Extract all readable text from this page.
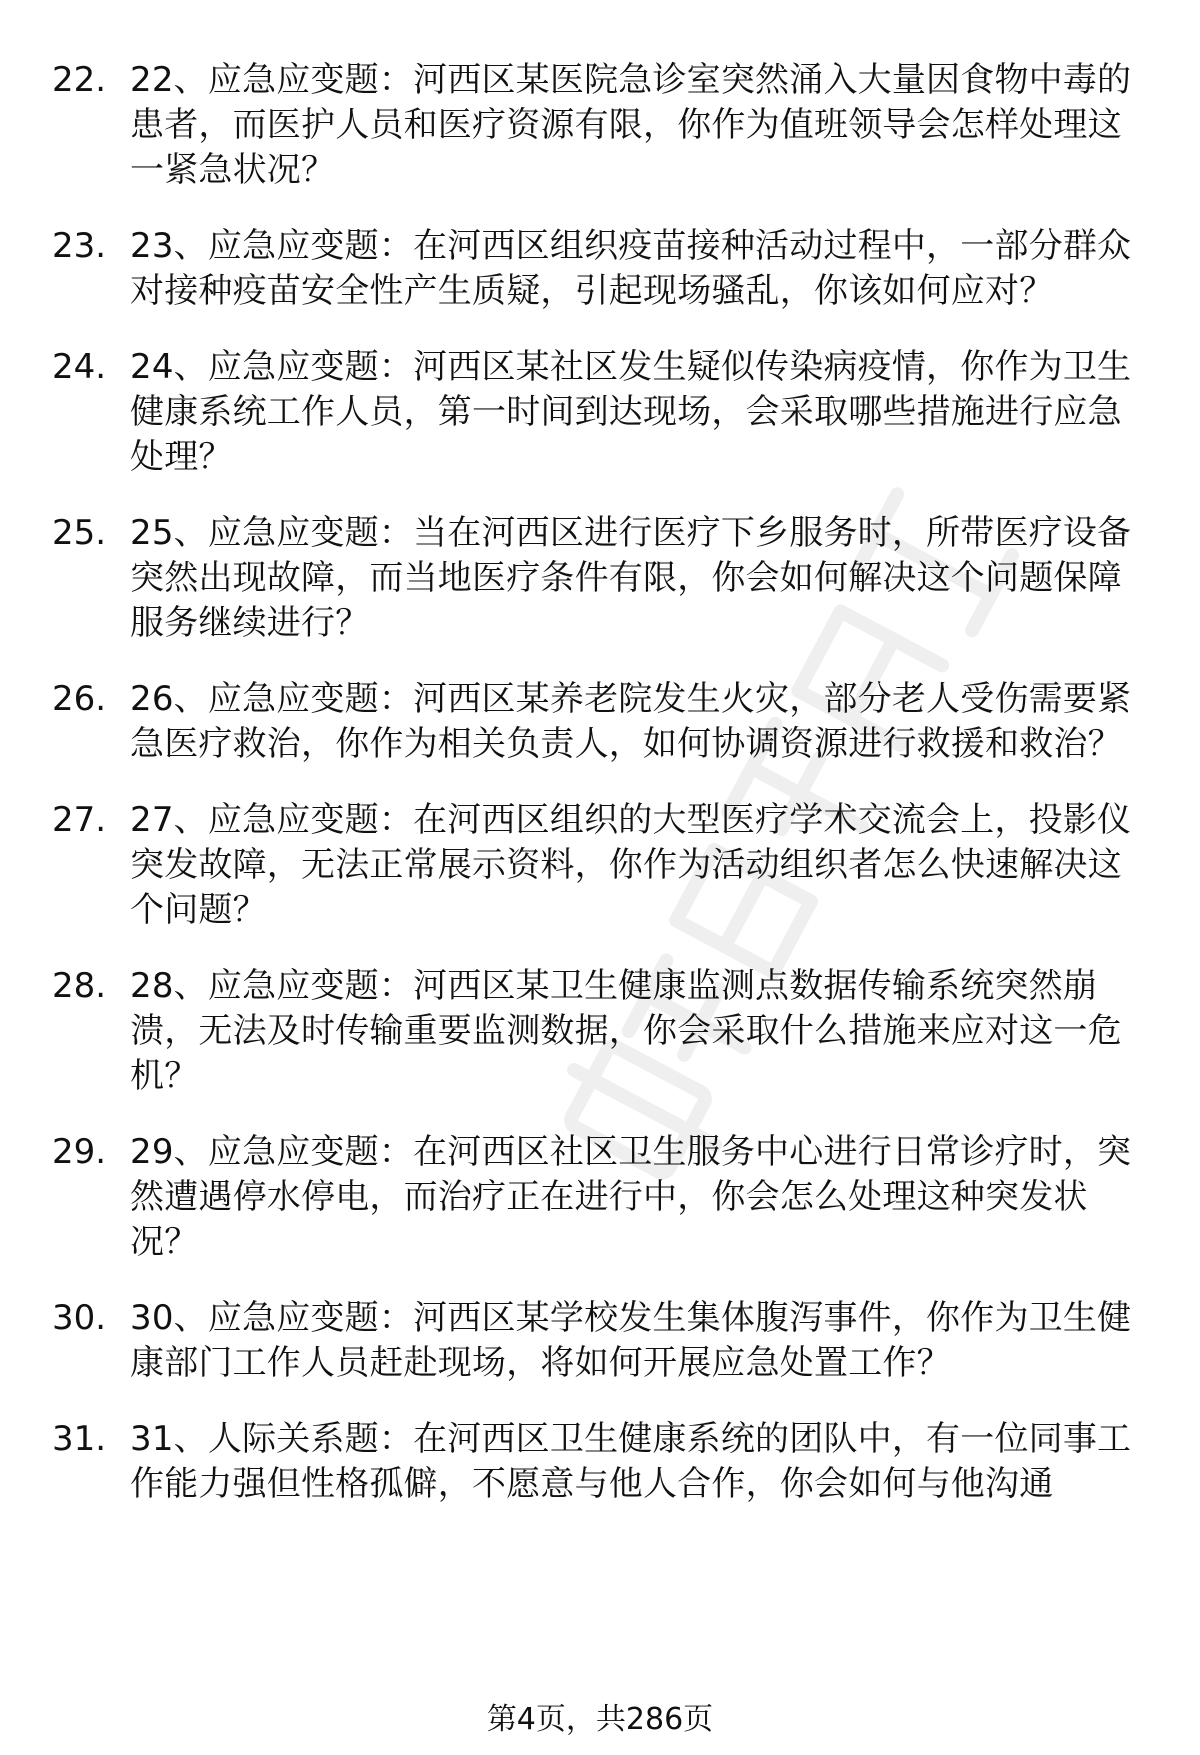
22. 22、应急应变题：河西区某医院急诊室突然涌入大量因食物中毒的患者，而医护人员和医疗资源有限，你作为值班领导会怎样处理这一紧急状况？
23. 23、应急应变题：在河西区组织疫苗接种活动过程中，一部分群众对接种疫苗安全性产生质疑，引起现场骚乱，你该如何应对？
24. 24、应急应变题：河西区某社区发生疑似传染病疫情，你作为卫生健康系统工作人员，第一时间到达现场，会采取哪些措施进行应急处理？
25. 25、应急应变题：当在河西区进行医疗下乡服务时，所带医疗设备突然出现故障，而当地医疗条件有限，你会如何解决这个问题保障服务继续进行？
26. 26、应急应变题：河西区某养老院发生火灾，部分老人受伤需要紧急医疗救治，你作为相关负责人，如何协调资源进行救援和救治？
27. 27、应急应变题：在河西区组织的大型医疗学术交流会上，投影仪突发故障，无法正常展示资料，你作为活动组织者怎么快速解决这个问题？
28. 28、应急应变题：河西区某卫生健康监测点数据传输系统突然崩溃，无法及时传输重要监测数据，你会采取什么措施来应对这一危机？
29. 29、应急应变题：在河西区社区卫生服务中心进行日常诊疗时，突然遭遇停水停电，而治疗正在进行中，你会怎么处理这种突发状况？
30. 30、应急应变题：河西区某学校发生集体腹泻事件，你作为卫生健康部门工作人员赶赴现场，将如何开展应急处置工作？
31. 31、人际关系题：在河西区卫生健康系统的团队中，有一位同事工作能力强但性格孤僻，不愿意与他人合作，你会如何与他沟通
第4页，共286页
